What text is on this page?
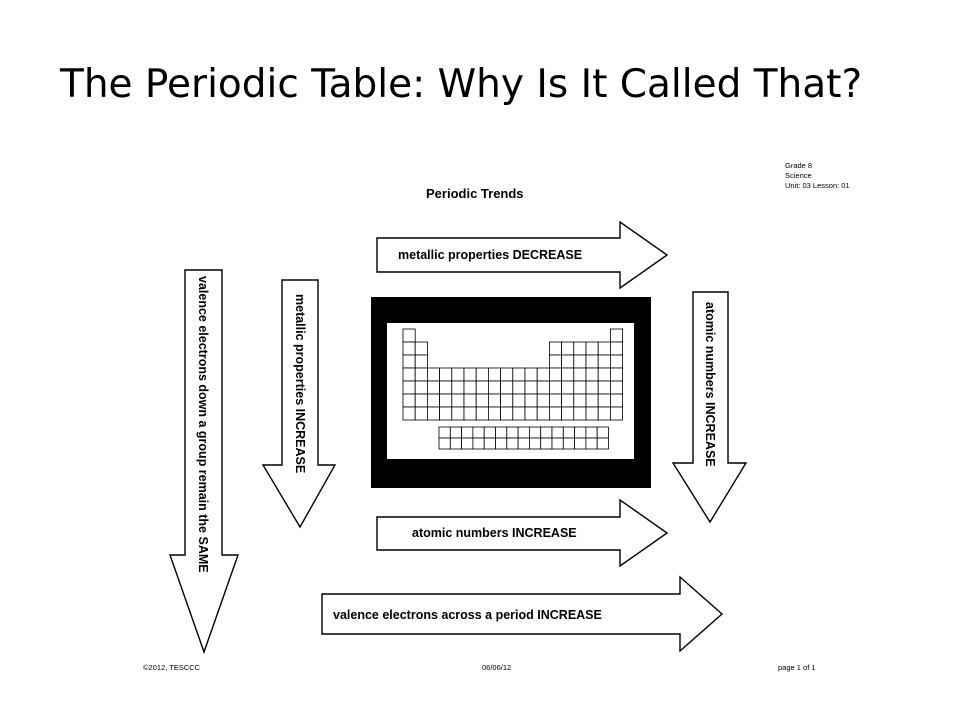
The Periodic Table: Why Is It Called That?
Grade 8
Science
Unit: 03 Lesson: 01
Periodic Trends
metallic properties DECREASE
atomic numbers INCREASE
valence electrons across a period INCREASE
valence electrons down a group remain the SAME	metallic properties INCREASE	atomic numbers INCREASE
©2012, TESCCC	06/06/12	page 1 of 1
